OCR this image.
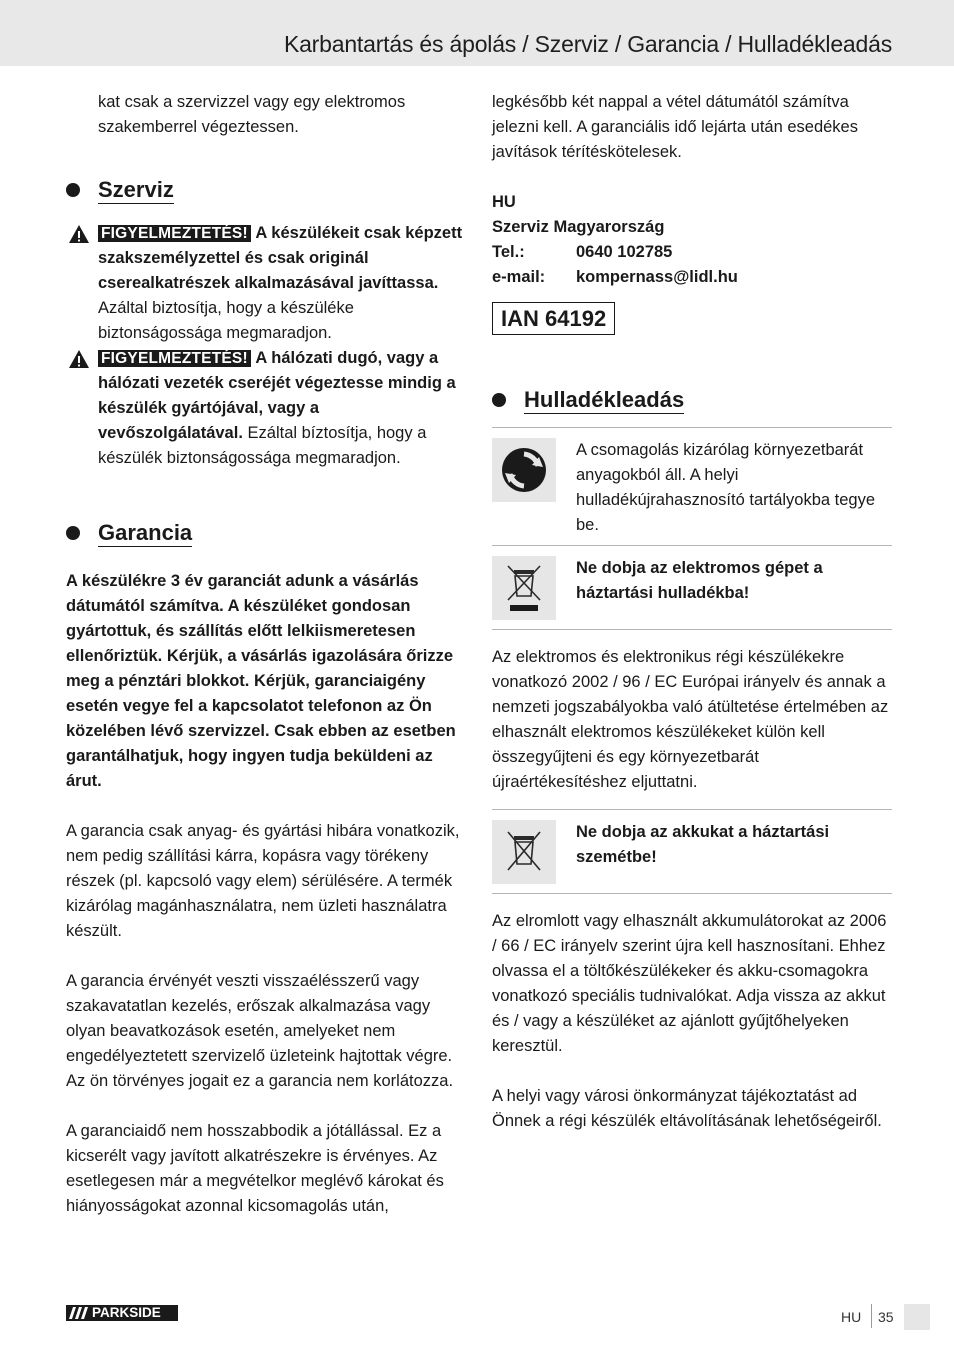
Karbantartás és ápolás / Szerviz / Garancia / Hulladékleadás

kat csak a szervizzel vagy egy elektromos szakemberrel végeztessen.

Szerviz
FIGYELMEZTETÉS! A készülékeit csak képzett szakszemélyzettel és csak originál cserealkatrészek alkalmazásával javíttassa. Azáltal biztosítja, hogy a készüléke biztonságossága megmaradjon.
FIGYELMEZTETÉS! A hálózati dugó, vagy a hálózati vezeték cseréjét végeztesse mindig a készülék gyártójával, vagy a vevőszolgálatával. Ezáltal bíztosítja, hogy a készülék biztonságossága megmaradjon.
Garancia

A készülékre 3 év garanciát adunk a vásárlás dátumától számítva. A készüléket gondosan gyártottuk, és szállítás előtt lelkiismeretesen ellenőriztük. Kérjük, a vásárlás igazolására őrizze meg a pénztári blokkot. Kérjük, garanciaigény esetén vegye fel a kapcsolatot telefonon az Ön közelében lévő szervizzel. Csak ebben az esetben garantálhatjuk, hogy ingyen tudja beküldeni az árut.

A garancia csak anyag- és gyártási hibára vonatkozik, nem pedig szállítási kárra, kopásra vagy törékeny részek (pl. kapcsoló vagy elem) sérülésére. A termék kizárólag magánhasználatra, nem üzleti használatra készült.

A garancia érvényét veszti visszaélésszerű vagy szakavatatlan kezelés, erőszak alkalmazása vagy olyan beavatkozások esetén, amelyeket nem engedélyeztetett szervizelő üzleteink hajtottak végre. Az ön törvényes jogait ez a garancia nem korlátozza.

A garanciaidő nem hosszabbodik a jótállással. Ez a kicserélt vagy javított alkatrészekre is érvényes. Az esetlegesen már a megvételkor meglévő károkat és hiányosságokat azonnal kicsomagolás után,

legkésőbb két nappal a vétel dátumától számítva jelezni kell. A garanciális idő lejárta után esedékes javítások térítéskötelesek.

HU
Szerviz Magyarország
Tel.:	0640 102785
e-mail:	kompernass@lidl.hu
IAN 64192
Hulladékleadás

A csomagolás kizárólag környezetbarát anyagokból áll. A helyi hulladékújrahasznosító tartályokba tegye be.

Ne dobja az elektromos gépet a háztartási hulladékba!

Az elektromos és elektronikus régi készülékekre vonatkozó 2002 / 96 / EC Európai irányelv és annak a nemzeti jogszabályokba való átültetése értelmében az elhasznált elektromos készülékeket külön kell összegyűjteni és egy környezetbarát újraértékesítéshez eljuttatni.

Ne dobja az akkukat a háztartási szemétbe!

Az elromlott vagy elhasznált akkumulátorokat az 2006 / 66 / EC irányelv szerint újra kell hasznosítani. Ehhez olvassa el a töltőkészülékeker és akku-csomagokra vonatkozó speciális tudnivalókat. Adja vissza az akkut és / vagy a készüléket az ajánlott gyűjtőhelyeken keresztül.

A helyi vagy városi önkormányzat tájékoztatást ad Önnek a régi készülék eltávolításának lehetőségeiről.

PARKSIDE	HU 35
